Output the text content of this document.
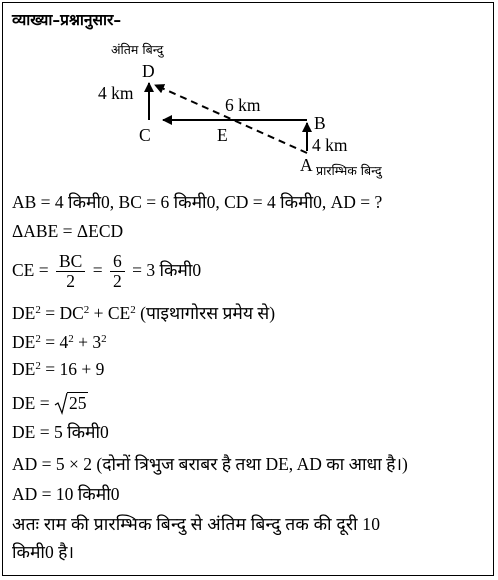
व्याख्या–प्रश्नानुसार–
अंतिम बिन्दु
D
4 km
6 km
B
C	E	4 km
A प्रारम्भिक बिन्दु
AB = 4 किमी0, BC = 6 किमी0, CD = 4 किमी0, AD = ?
ΔABE = ΔECD
CE = $\frac{BC}{2} = \frac{6}{2} = 3$ किमी0
$DE^2 = DC^2 + CE^2$ (पाइथागोरस प्रमेय से)
$DE^2 = 4^2 + 3^2$
$DE^2 = 16 + 9$
DE = 25
DE = 5 किमी0
AD = 5 × 2 (दोनों त्रिभुज बराबर है तथा DE, AD का आधा है।)
AD = 10 किमी0
अतः राम की प्रारम्भिक बिन्दु से अंतिम बिन्दु तक की दूरी 10
किमी0 है।
